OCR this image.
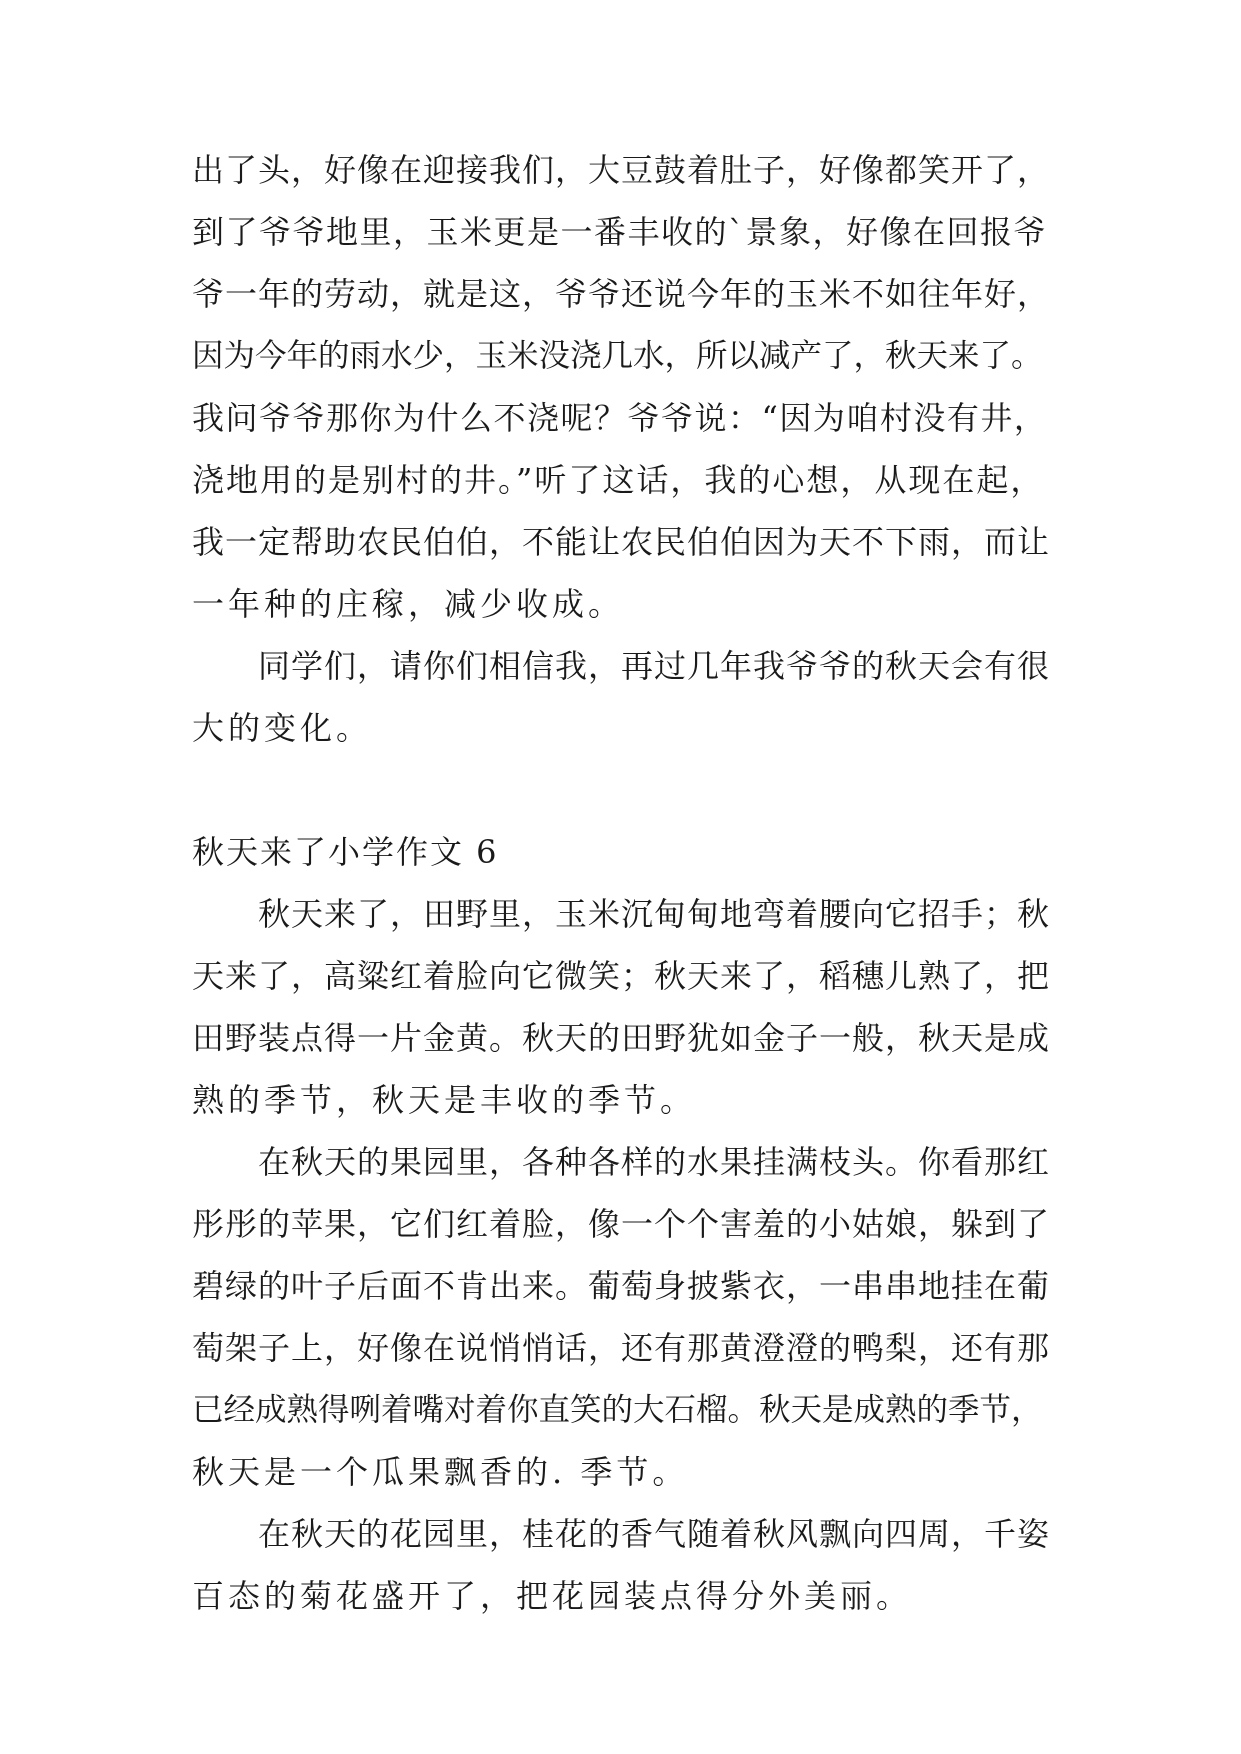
出了头，好像在迎接我们，大豆鼓着肚子，好像都笑开了，
到了爷爷地里，玉米更是一番丰收的`景象，好像在回报爷
爷一年的劳动，就是这，爷爷还说今年的玉米不如往年好，
因为今年的雨水少，玉米没浇几水，所以减产了，秋天来了。
我问爷爷那你为什么不浇呢？爷爷说：“因为咱村没有井，
浇地用的是别村的井。”听了这话，我的心想，从现在起，
我一定帮助农民伯伯，不能让农民伯伯因为天不下雨，而让
一年种的庄稼，减少收成。
　　同学们，请你们相信我，再过几年我爷爷的秋天会有很
大的变化。
秋天来了小学作文 6
　　秋天来了，田野里，玉米沉甸甸地弯着腰向它招手；秋
天来了，高粱红着脸向它微笑；秋天来了，稻穗儿熟了，把
田野装点得一片金黄。秋天的田野犹如金子一般，秋天是成
熟的季节，秋天是丰收的季节。
　　在秋天的果园里，各种各样的水果挂满枝头。你看那红
彤彤的苹果，它们红着脸，像一个个害羞的小姑娘，躲到了
碧绿的叶子后面不肯出来。葡萄身披紫衣，一串串地挂在葡
萄架子上，好像在说悄悄话，还有那黄澄澄的鸭梨，还有那
已经成熟得咧着嘴对着你直笑的大石榴。秋天是成熟的季节，
秋天是一个瓜果飘香的. 季节。
　　在秋天的花园里，桂花的香气随着秋风飘向四周，千姿
百态的菊花盛开了，把花园装点得分外美丽。
